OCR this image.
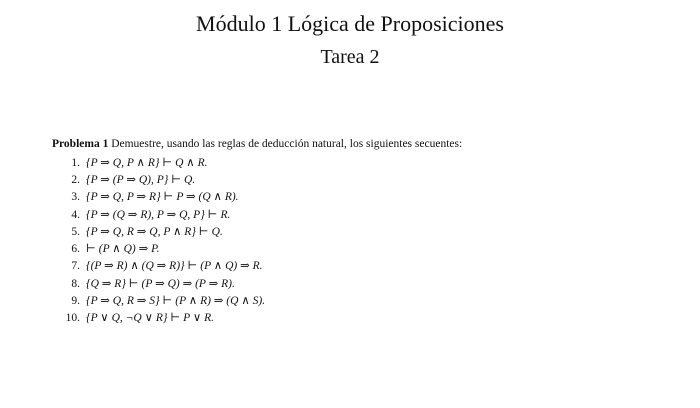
Módulo 1 Lógica de Proposiciones
Tarea 2
Problema 1 Demuestre, usando las reglas de deducción natural, los siguientes secuentes:
1. {P ⇒ Q, P ∧ R} ⊢ Q ∧ R.
2. {P ⇒ (P ⇒ Q), P} ⊢ Q.
3. {P ⇒ Q, P ⇒ R} ⊢ P ⇒ (Q ∧ R).
4. {P ⇒ (Q ⇒ R), P ⇒ Q, P} ⊢ R.
5. {P ⇒ Q, R ⇒ Q, P ∧ R} ⊢ Q.
6. ⊢ (P ∧ Q) ⇒ P.
7. {(P ⇒ R) ∧ (Q ⇒ R)} ⊢ (P ∧ Q) ⇒ R.
8. {Q ⇒ R} ⊢ (P ⇒ Q) ⇒ (P ⇒ R).
9. {P ⇒ Q, R ⇒ S} ⊢ (P ∧ R) ⇒ (Q ∧ S).
10. {P ∨ Q, ¬Q ∨ R} ⊢ P ∨ R.
